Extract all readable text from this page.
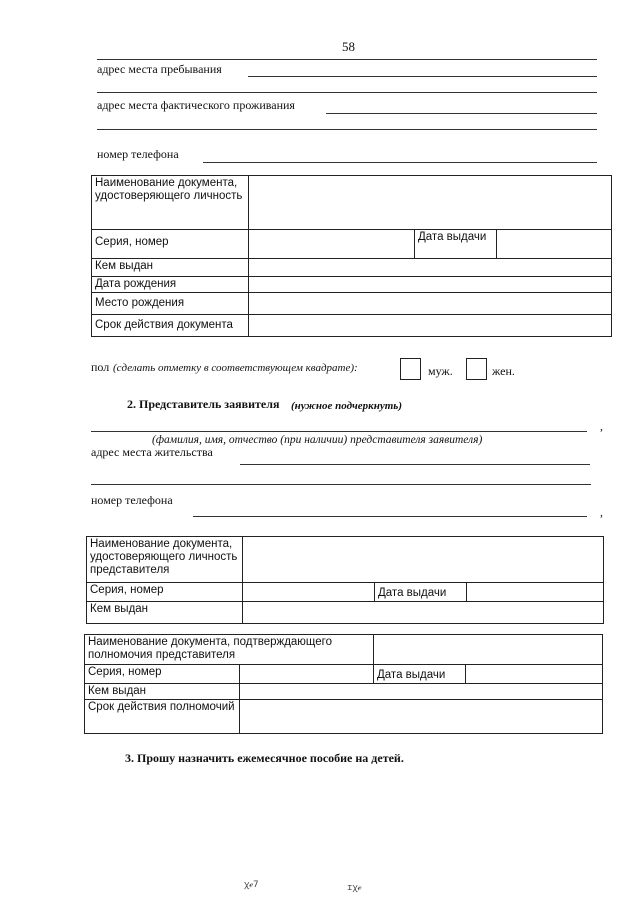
58
адрес места пребывания
адрес места фактического проживания
номер телефона
Наименование документа, удостоверяющего личность			
Серия, номер		Дата выдачи	
Кем выдан			
Дата рождения			
Место рождения			
Срок действия документа			
пол (сделать отметку в соответствующем квадрате):	муж.	жен.
2. Представитель заявителя (нужное подчеркнуть)
,
(фамилия, имя, отчество (при наличии) представителя заявителя)
адрес места жительства
номер телефона
,
Наименование документа, удостоверяющего личность представителя			
Серия, номер		Дата выдачи	
Кем выдан			
Наименование документа, подтверждающего полномочия представителя			
Серия, номер		Дата выдачи	
Кем выдан			
Срок действия полномочий			
3. Прошу назначить ежемесячное пособие на детей.
ꭓℯ7	ɪꭓℯ
